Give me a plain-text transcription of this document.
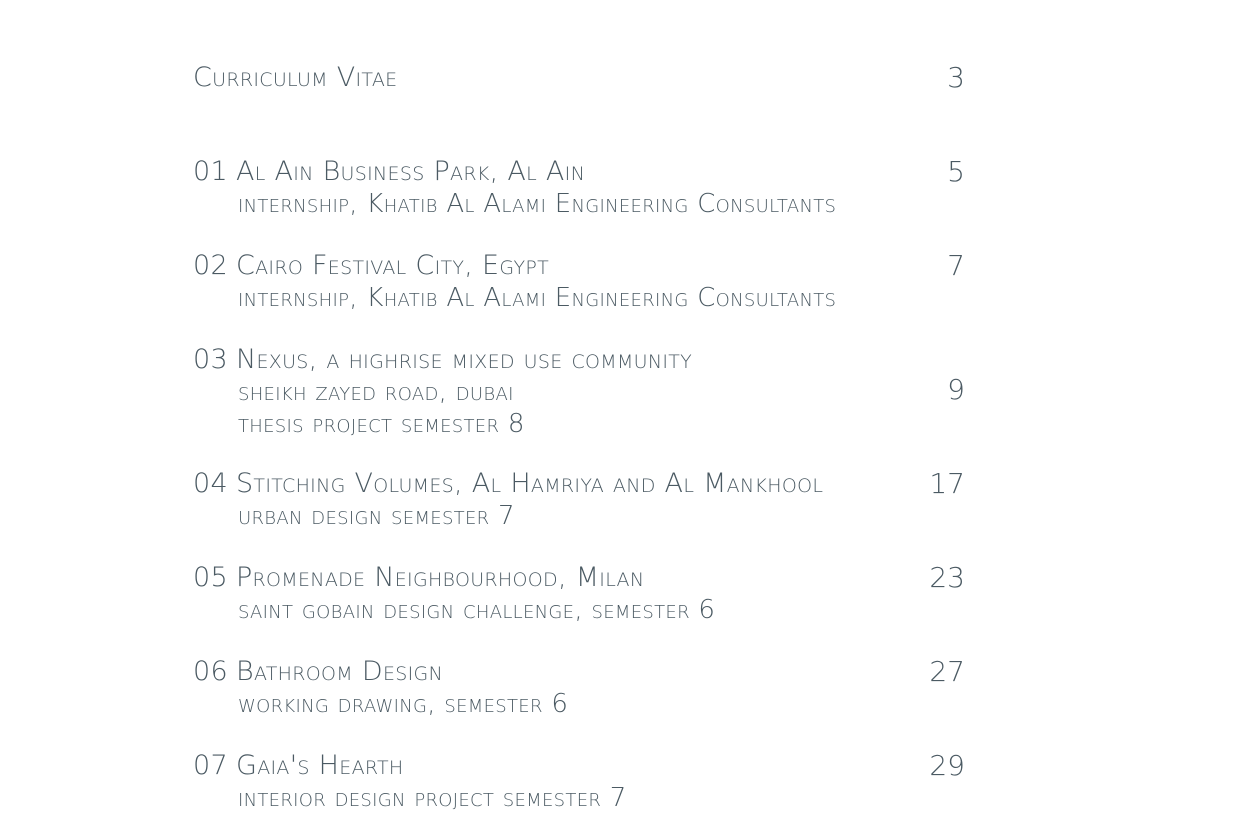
Curriculum Vitae	3
01 Al Ain Business Park, Al Ain
internship, Khatib Al Alami Engineering Consultants
5
02 Cairo Festival City, Egypt
internship, Khatib Al Alami Engineering Consultants
7
03 Nexus, a highrise mixed use community
sheikh zayed road, dubai
thesis project semester 8
9
04 Stitching Volumes, Al Hamriya and Al Mankhool
urban design semester 7
17
05 Promenade Neighbourhood, Milan
saint gobain design challenge, semester 6
23
06 Bathroom Design
working drawing, semester 6
27
07 Gaia's Hearth
interior design project semester 7
29
